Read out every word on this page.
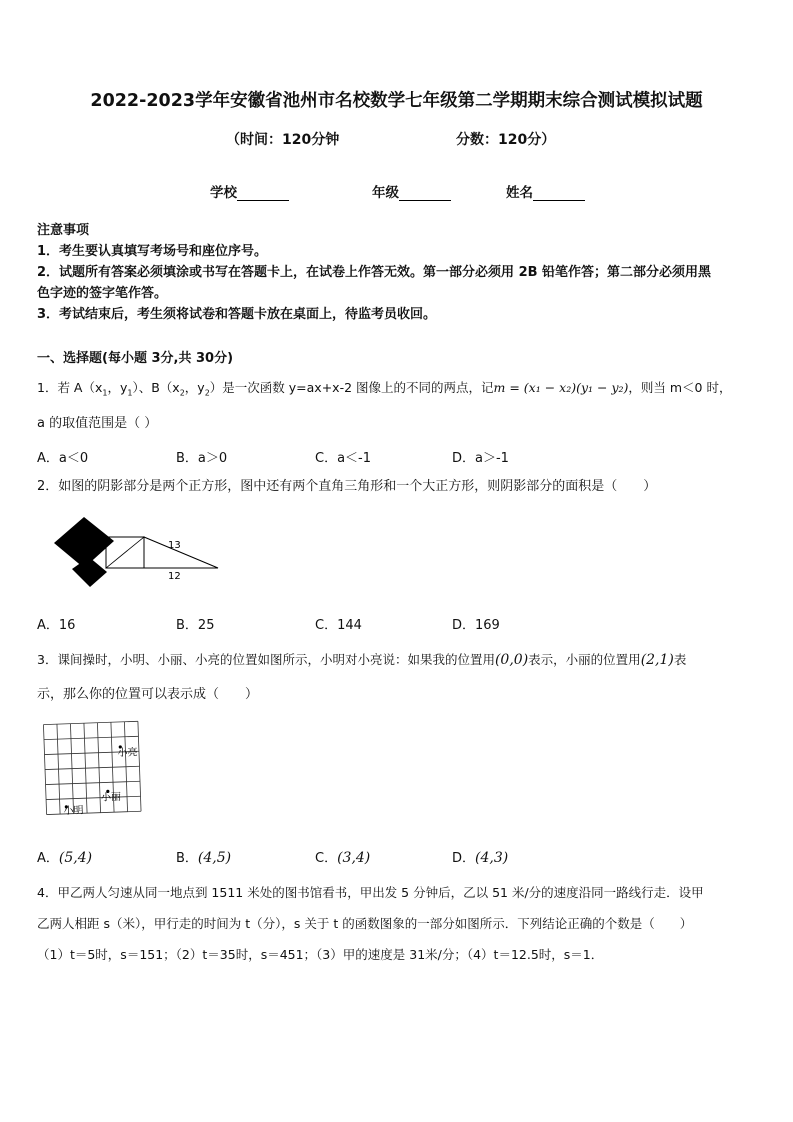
2022-2023学年安徽省池州市名校数学七年级第二学期期末综合测试模拟试题
（时间：120分钟	分数：120分）
学校	年级	姓名
注意事项
1．考生要认真填写考场号和座位序号。
2．试题所有答案必须填涂或书写在答题卡上，在试卷上作答无效。第一部分必须用 2B 铅笔作答；第二部分必须用黑
色字迹的签字笔作答。
3．考试结束后，考生须将试卷和答题卡放在桌面上，待监考员收回。
一、选择题(每小题 3分,共 30分)
1．若 $A(x_1$，$y_1$）、$B(x_2$，$y_2$）是一次函数 y=ax+x-2 图像上的不同的两点，记m = (x₁ − x₂)(y₁ − y₂)，则当 m＜0 时，
a 的取值范围是（ ）
A．a＜0	B．a＞0	C．a＜-1	D．a＞-1
2．如图的阴影部分是两个正方形，图中还有两个直角三角形和一个大正方形，则阴影部分的面积是（　　）
13
12
A．16	B．25	C．144	D．169
3．课间操时，小明、小丽、小亮的位置如图所示，小明对小亮说：如果我的位置用(0,0)表示，小丽的位置用(2,1)表
示，那么你的位置可以表示成（　　）
小亮
小丽
小明
A．(5,4)	B．(4,5)	C．(3,4)	D．(4,3)
4．甲乙两人匀速从同一地点到 1511 米处的图书馆看书，甲出发 5 分钟后，乙以 51 米/分的速度沿同一路线行走．设甲
乙两人相距 s（米），甲行走的时间为 t（分），s 关于 t 的函数图象的一部分如图所示．下列结论正确的个数是（　　）
（1）t＝5时，s＝151；（2）t＝35时，s＝451；（3）甲的速度是 31米/分；（4）t＝12.5时，s＝1．
